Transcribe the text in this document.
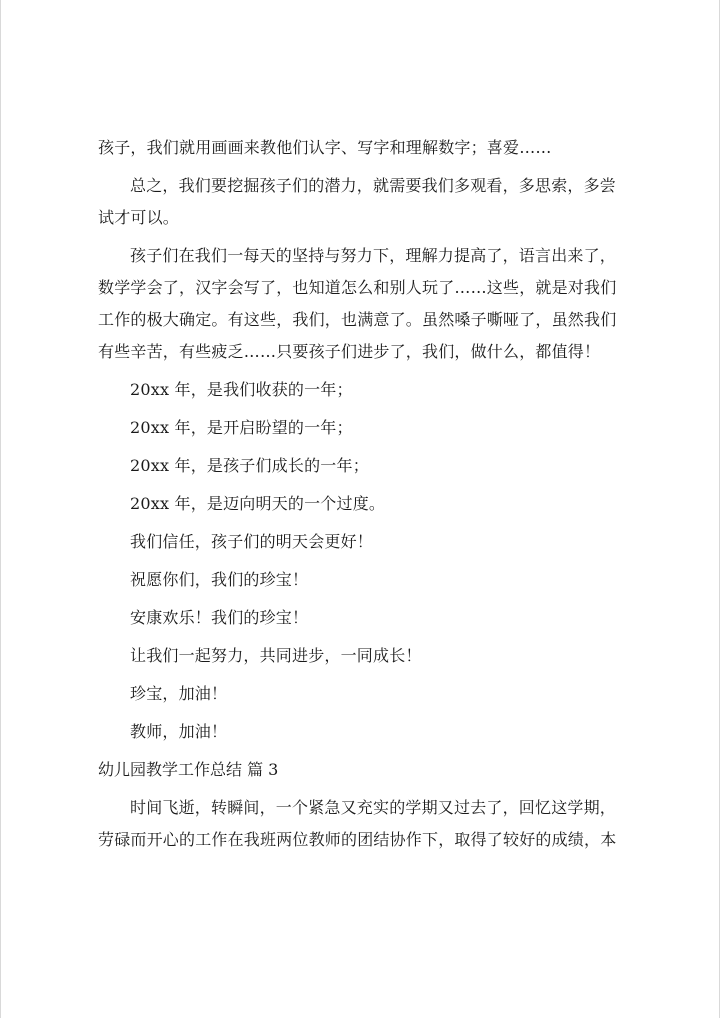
孩子，我们就用画画来教他们认字、写字和理解数字；喜爱……
总之，我们要挖掘孩子们的潜力，就需要我们多观看，多思索，多尝
试才可以。
孩子们在我们一每天的坚持与努力下，理解力提高了，语言出来了，
数学学会了，汉字会写了，也知道怎么和别人玩了……这些，就是对我们
工作的极大确定。有这些，我们，也满意了。虽然嗓子嘶哑了，虽然我们
有些辛苦，有些疲乏……只要孩子们进步了，我们，做什么，都值得！
20xx 年，是我们收获的一年；
20xx 年，是开启盼望的一年；
20xx 年，是孩子们成长的一年；
20xx 年，是迈向明天的一个过度。
我们信任，孩子们的明天会更好！
祝愿你们，我们的珍宝！
安康欢乐！我们的珍宝！
让我们一起努力，共同进步，一同成长！
珍宝，加油！
教师，加油！
幼儿园教学工作总结 篇 3
时间飞逝，转瞬间，一个紧急又充实的学期又过去了，回忆这学期，
劳碌而开心的工作在我班两位教师的团结协作下，取得了较好的成绩，本
